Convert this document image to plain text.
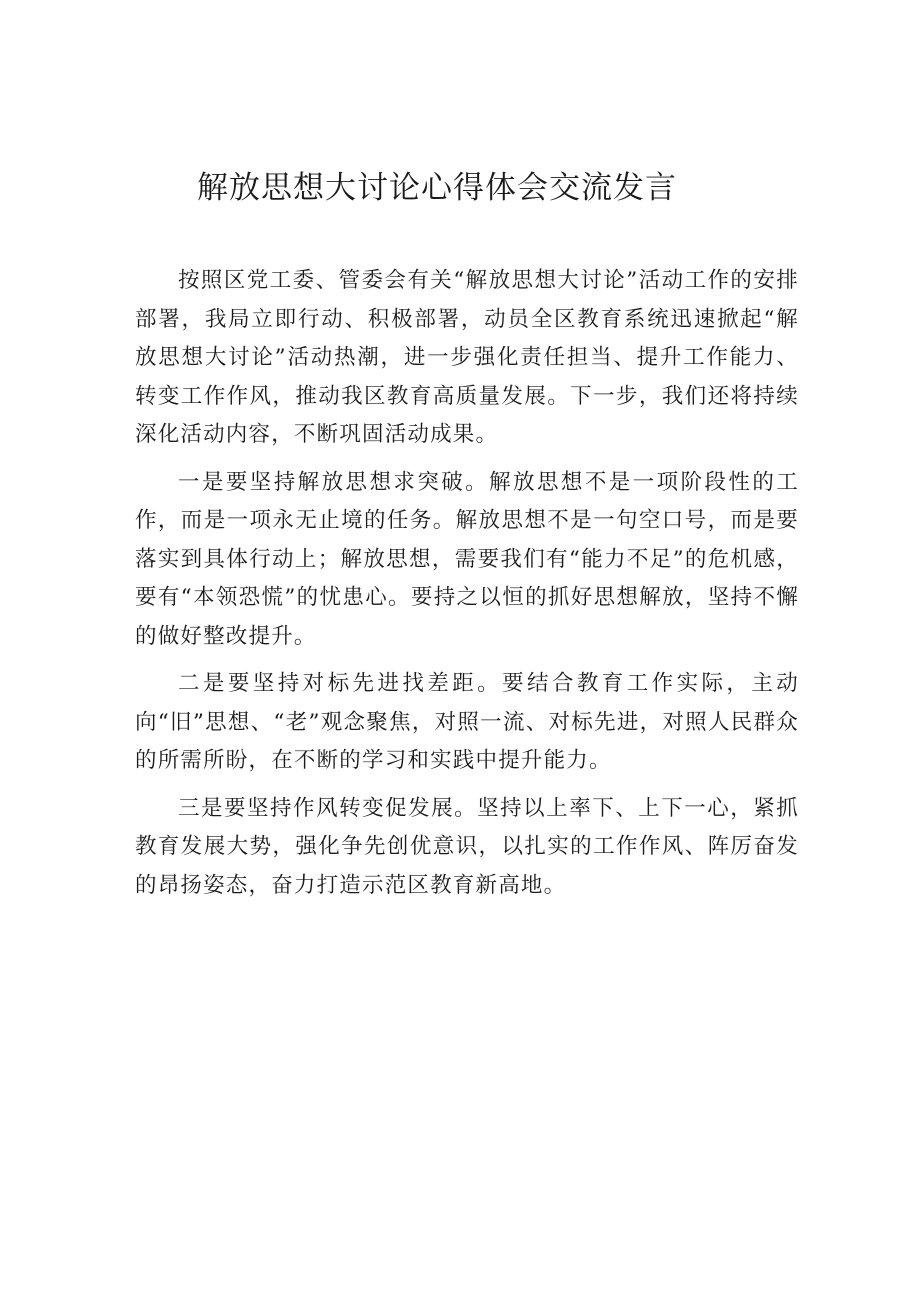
解放思想大讨论心得体会交流发言

按照区党工委、管委会有关“解放思想大讨论”活动工作的安排部署，我局立即行动、积极部署，动员全区教育系统迅速掀起“解放思想大讨论”活动热潮，进一步强化责任担当、提升工作能力、转变工作作风，推动我区教育高质量发展。下一步，我们还将持续深化活动内容，不断巩固活动成果。

一是要坚持解放思想求突破。解放思想不是一项阶段性的工作，而是一项永无止境的任务。解放思想不是一句空口号，而是要落实到具体行动上；解放思想，需要我们有“能力不足”的危机感，要有“本领恐慌”的忧患心。要持之以恒的抓好思想解放，坚持不懈的做好整改提升。

二是要坚持对标先进找差距。要结合教育工作实际，主动向“旧”思想、“老”观念聚焦，对照一流、对标先进，对照人民群众的所需所盼，在不断的学习和实践中提升能力。

三是要坚持作风转变促发展。坚持以上率下、上下一心，紧抓教育发展大势，强化争先创优意识，以扎实的工作作风、阵厉奋发的昂扬姿态，奋力打造示范区教育新高地。
